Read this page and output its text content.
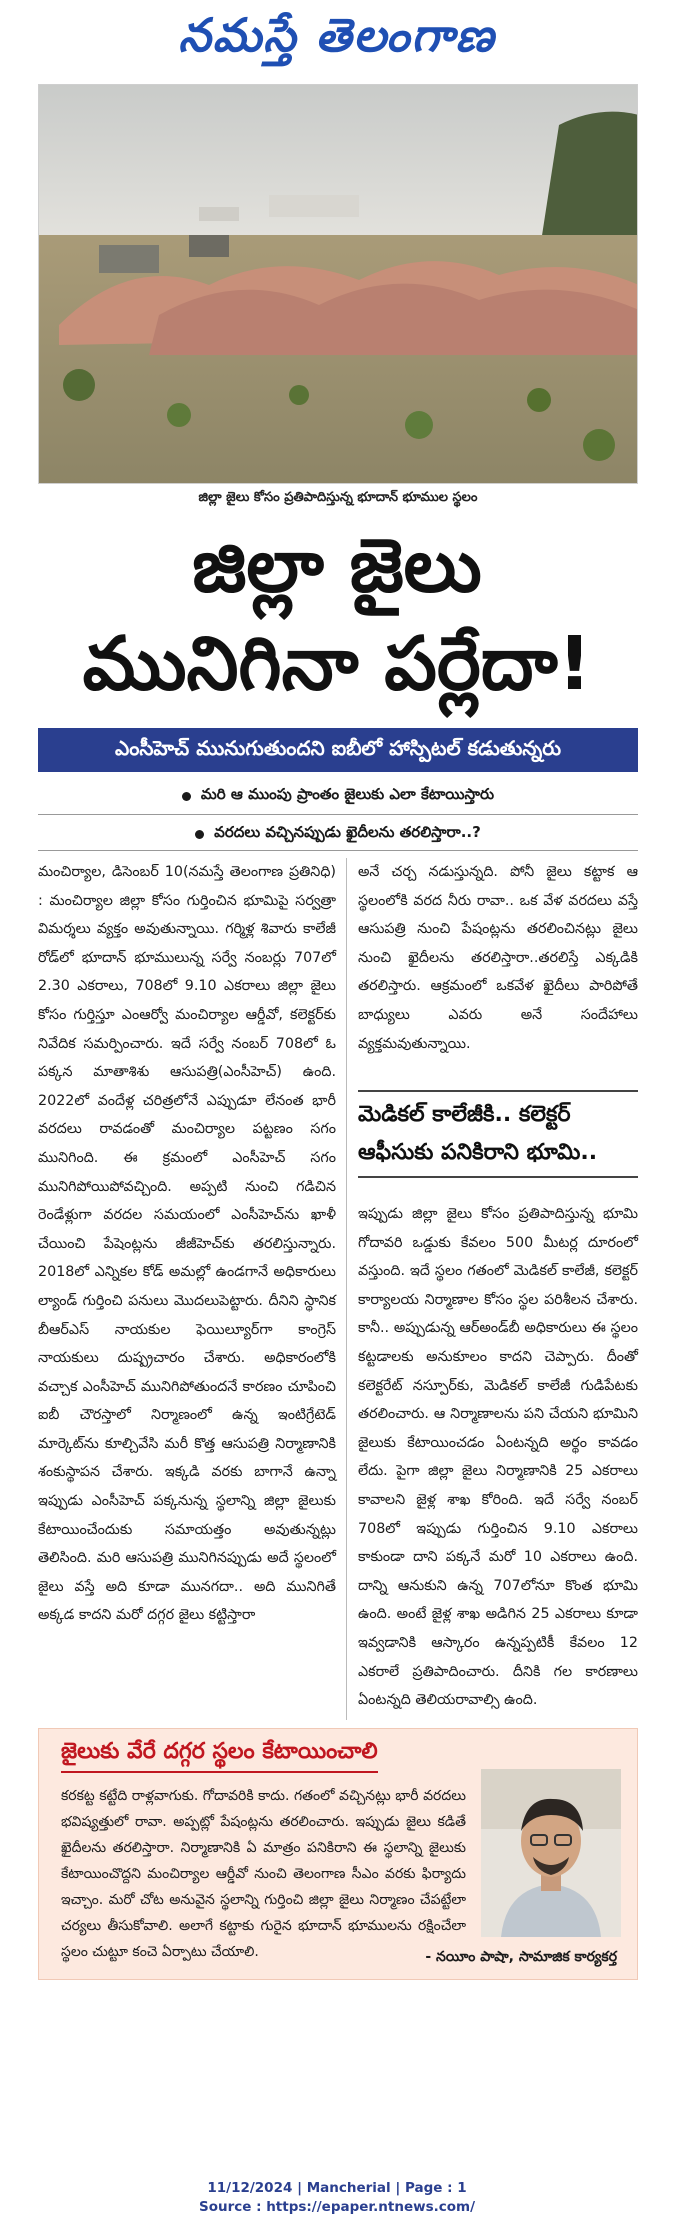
నమస్తే తెలంగాణ
జిల్లా జైలు కోసం ప్రతిపాదిస్తున్న భూదాన్ భూముల స్థలం
జిల్లా జైలు
మునిగినా పర్లేదా!
ఎంసీహెచ్ మునుగుతుందని ఐబీలో హాస్పిటల్ కడుతున్నరు
మరి ఆ ముంపు ప్రాంతం జైలుకు ఎలా కేటాయిస్తారు
వరదలు వచ్చినప్పుడు ఖైదీలను తరలిస్తారా..?
మంచిర్యాల, డిసెంబర్ 10(నమస్తే తెలంగాణ ప్రతినిధి) : మంచిర్యాల జిల్లా కోసం గుర్తించిన భూమిపై సర్వత్రా విమర్శలు వ్యక్తం అవుతున్నాయి. గర్మిళ్ల శివారు కాలేజీ రోడ్‌లో భూదాన్ భూములున్న సర్వే నంబర్లు 707లో 2.30 ఎకరాలు, 708లో 9.10 ఎకరాలు జిల్లా జైలు కోసం గుర్తిస్తూ ఎంఆర్వో మంచిర్యాల ఆర్డీవో, కలెక్టర్‌కు నివేదిక సమర్పించారు. ఇదే సర్వే నంబర్ 708లో ఓ పక్కన మాతాశిశు ఆసుపత్రి(ఎంసీహెచ్) ఉంది. 2022లో వందేళ్ల చరిత్రలోనే ఎప్పుడూ లేనంత భారీ వరదలు రావడంతో మంచిర్యాల పట్టణం సగం మునిగింది. ఈ క్రమంలో ఎంసీహెచ్ సగం మునిగిపోయిపోవచ్చింది. అప్పటి నుంచి గడిచిన రెండేళ్లుగా వరదల సమయంలో ఎంసీహెచ్‌ను ఖాళీ చేయించి పేషెంట్లను జీజీహెచ్‌కు తరలిస్తున్నారు. 2018లో ఎన్నికల కోడ్ అమల్లో ఉండగానే అధికారులు ల్యాండ్ గుర్తించి పనులు మొదలుపెట్టారు. దీనిని స్థానిక బీఆర్ఎస్ నాయకుల ఫెయిల్యూర్‌గా కాంగ్రెస్ నాయకులు దుష్ప్రచారం చేశారు. అధికారంలోకి వచ్చాక ఎంసీహెచ్ మునిగిపోతుందనే కారణం చూపించి ఐబీ చౌరస్తాలో నిర్మాణంలో ఉన్న ఇంటిగ్రేటెడ్ మార్కెట్‌ను కూల్చివేసి మరీ కొత్త ఆసుపత్రి నిర్మాణానికి శంకుస్థాపన చేశారు. ఇక్కడి వరకు బాగానే ఉన్నా ఇప్పుడు ఎంసీహెచ్ పక్కనున్న స్థలాన్ని జిల్లా జైలుకు కేటాయించేందుకు సమాయత్తం అవుతున్నట్లు తెలిసింది. మరి ఆసుపత్రి మునిగినప్పుడు అదే స్థలంలో జైలు వస్తే అది కూడా మునగదా.. అది మునిగితే అక్కడ కాదని మరో దగ్గర జైలు కట్టిస్తారా
అనే చర్చ నడుస్తున్నది. పోనీ జైలు కట్టాక ఆ స్థలంలోకి వరద నీరు రావా.. ఒక వేళ వరదలు వస్తే ఆసుపత్రి నుంచి పేషంట్లను తరలించినట్లు జైలు నుంచి ఖైదీలను తరలిస్తారా..తరలిస్తే ఎక్కడికి తరలిస్తారు. ఆక్రమంలో ఒకవేళ ఖైదీలు పారిపోతే బాధ్యులు ఎవరు అనే సందేహాలు వ్యక్తమవుతున్నాయి.
మెడికల్ కాలేజీకి.. కలెక్టర్ ఆఫీసుకు పనికిరాని భూమి..
ఇప్పుడు జిల్లా జైలు కోసం ప్రతిపాదిస్తున్న భూమి గోదావరి ఒడ్డుకు కేవలం 500 మీటర్ల దూరంలో వస్తుంది. ఇదే స్థలం గతంలో మెడికల్ కాలేజీ, కలెక్టర్ కార్యాలయ నిర్మాణాల కోసం స్థల పరిశీలన చేశారు. కానీ.. అప్పుడున్న ఆర్అండ్‌బీ అధికారులు ఈ స్థలం కట్టడాలకు అనుకూలం కాదని చెప్పారు. దీంతో కలెక్టరేట్ నస్పూర్‌కు, మెడికల్ కాలేజీ గుడిపేటకు తరలించారు. ఆ నిర్మాణాలను పని చేయని భూమిని జైలుకు కేటాయించడం ఏంటన్నది అర్థం కావడం లేదు. పైగా జిల్లా జైలు నిర్మాణానికి 25 ఎకరాలు కావాలని జైళ్ల శాఖ కోరింది. ఇదే సర్వే నంబర్ 708లో ఇప్పుడు గుర్తించిన 9.10 ఎకరాలు కాకుండా దాని పక్కనే మరో 10 ఎకరాలు ఉంది. దాన్ని ఆనుకుని ఉన్న 707లోనూ కొంత భూమి ఉంది. అంటే జైళ్ల శాఖ అడిగిన 25 ఎకరాలు కూడా ఇవ్వడానికి ఆస్కారం ఉన్నప్పటికీ కేవలం 12 ఎకరాలే ప్రతిపాదించారు. దీనికి గల కారణాలు ఏంటన్నది తెలియరావాల్సి ఉంది.
జైలుకు వేరే దగ్గర స్థలం కేటాయించాలి
కరకట్ట కట్టేది రాళ్లవాగుకు. గోదావరికి కాదు. గతంలో వచ్చినట్లు భారీ వరదలు భవిష్యత్తులో రావా. అప్పట్లో పేషంట్లను తరలించారు. ఇప్పుడు జైలు కడితే ఖైదీలను తరలిస్తారా. నిర్మాణానికి ఏ మాత్రం పనికిరాని ఈ స్థలాన్ని జైలుకు కేటాయించొద్దని మంచిర్యాల ఆర్డీవో నుంచి తెలంగాణ సీఎం వరకు ఫిర్యాదు ఇచ్చాం. మరో చోట అనువైన స్థలాన్ని గుర్తించి జిల్లా జైలు నిర్మాణం చేపట్టేలా చర్యలు తీసుకోవాలి. అలాగే కట్టాకు గురైన భూదాన్ భూములను రక్షించేలా స్థలం చుట్టూ కంచె ఏర్పాటు చేయాలి.	- నయీం పాషా, సామాజిక కార్యకర్త
11/12/2024 | Mancherial | Page : 1
Source : https://epaper.ntnews.com/
